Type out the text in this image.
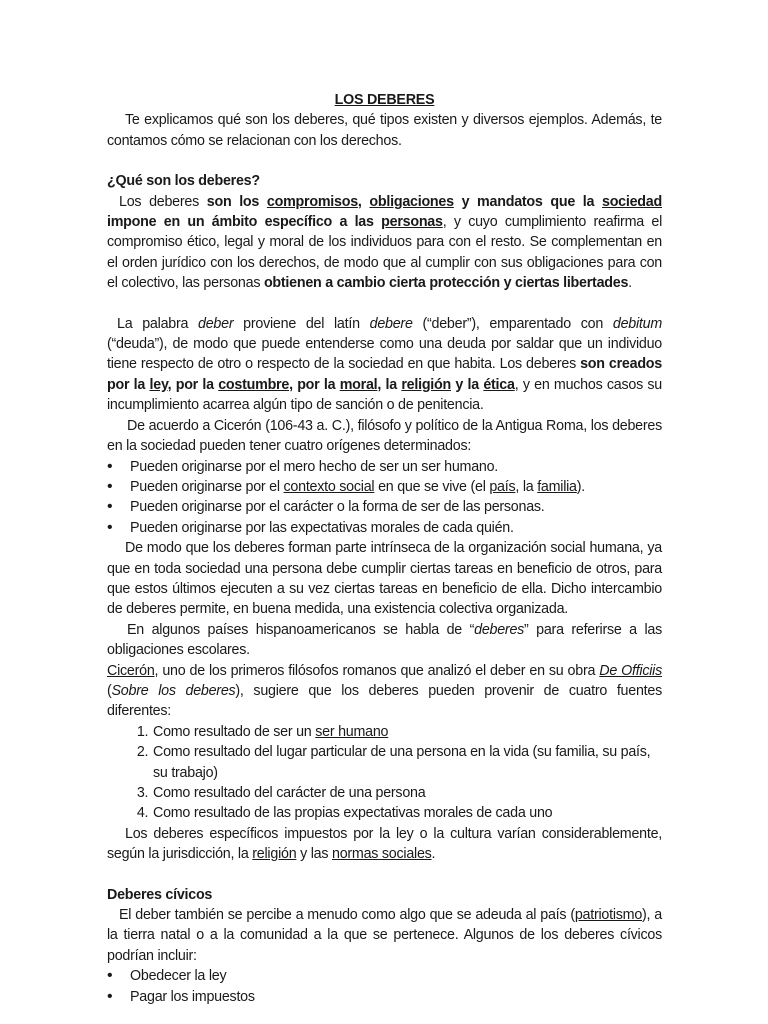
LOS DEBERES

Te explicamos qué son los deberes, qué tipos existen y diversos ejemplos. Además, te contamos cómo se relacionan con los derechos.

¿Qué son los deberes?

Los deberes son los compromisos, obligaciones y mandatos que la sociedad impone en un ámbito específico a las personas, y cuyo cumplimiento reafirma el compromiso ético, legal y moral de los individuos para con el resto. Se complementan en el orden jurídico con los derechos, de modo que al cumplir con sus obligaciones para con el colectivo, las personas obtienen a cambio cierta protección y ciertas libertades.

La palabra deber proviene del latín debere (“deber”), emparentado con debitum (“deuda”), de modo que puede entenderse como una deuda por saldar que un individuo tiene respecto de otro o respecto de la sociedad en que habita. Los deberes son creados por la ley, por la costumbre, por la moral, la religión y la ética, y en muchos casos su incumplimiento acarrea algún tipo de sanción o de penitencia.

De acuerdo a Cicerón (106-43 a. C.), filósofo y político de la Antigua Roma, los deberes en la sociedad pueden tener cuatro orígenes determinados:

• Pueden originarse por el mero hecho de ser un ser humano.
• Pueden originarse por el contexto social en que se vive (el país, la familia).
• Pueden originarse por el carácter o la forma de ser de las personas.
• Pueden originarse por las expectativas morales de cada quién.

De modo que los deberes forman parte intrínseca de la organización social humana, ya que en toda sociedad una persona debe cumplir ciertas tareas en beneficio de otros, para que estos últimos ejecuten a su vez ciertas tareas en beneficio de ella. Dicho intercambio de deberes permite, en buena medida, una existencia colectiva organizada.

En algunos países hispanoamericanos se habla de “deberes” para referirse a las obligaciones escolares.

Cicerón, uno de los primeros filósofos romanos que analizó el deber en su obra De Officiis (Sobre los deberes), sugiere que los deberes pueden provenir de cuatro fuentes diferentes:

1. Como resultado de ser un ser humano
2. Como resultado del lugar particular de una persona en la vida (su familia, su país, su trabajo)
3. Como resultado del carácter de una persona
4. Como resultado de las propias expectativas morales de cada uno

Los deberes específicos impuestos por la ley o la cultura varían considerablemente, según la jurisdicción, la religión y las normas sociales.

Deberes cívicos

El deber también se percibe a menudo como algo que se adeuda al país (patriotismo), a la tierra natal o a la comunidad a la que se pertenece. Algunos de los deberes cívicos podrían incluir:

• Obedecer la ley
• Pagar los impuestos
